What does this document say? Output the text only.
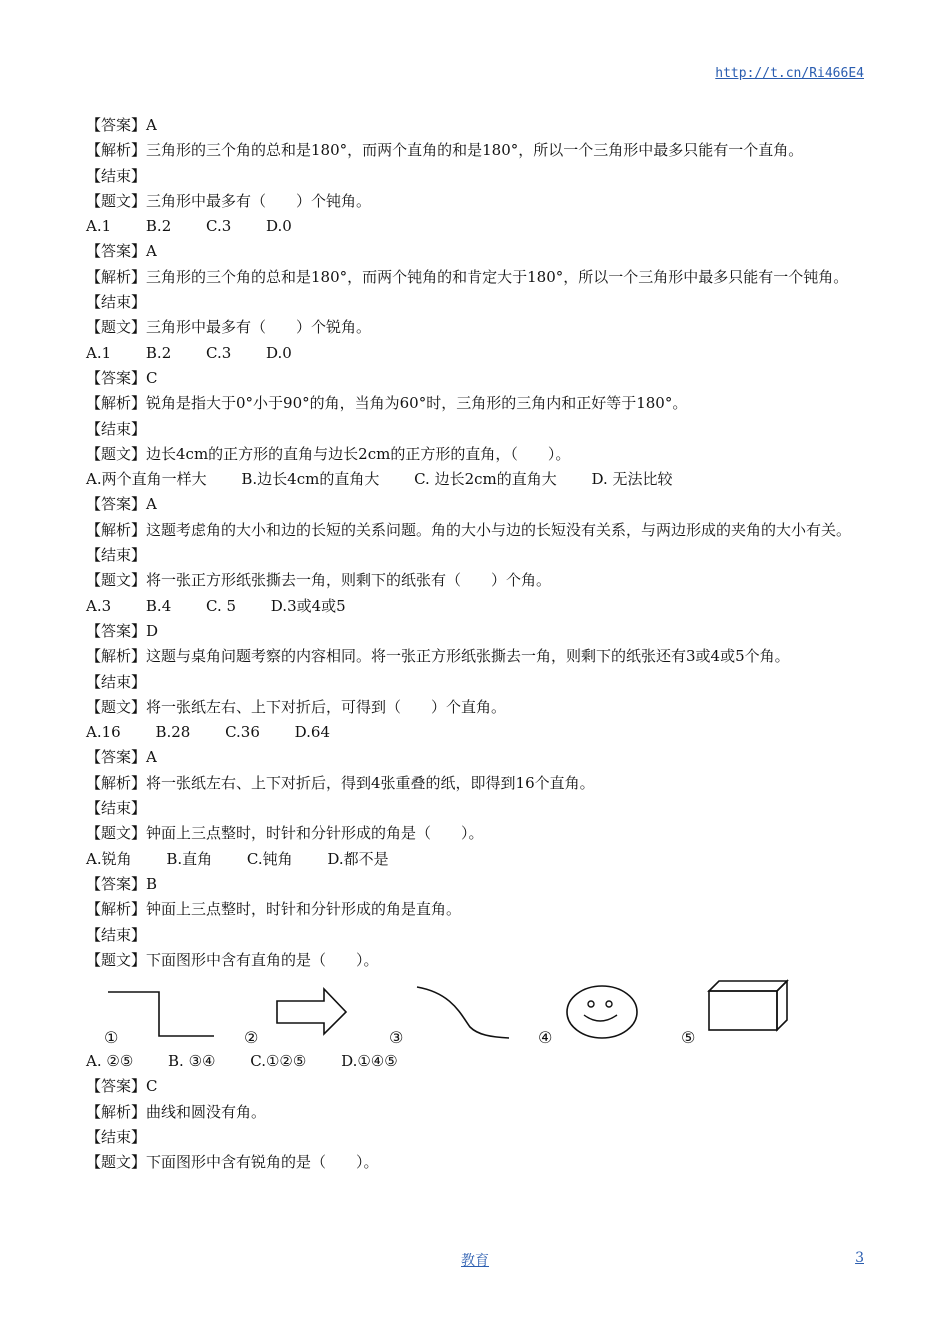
http://t.cn/Ri466E4
【答案】A
【解析】三角形的三个角的总和是180°，而两个直角的和是180°，所以一个三角形中最多只能有一个直角。
【结束】
【题文】三角形中最多有（　　）个钝角。
A.1　　 B.2　　 C.3　　 D.0
【答案】A
【解析】三角形的三个角的总和是180°，而两个钝角的和肯定大于180°，所以一个三角形中最多只能有一个钝角。
【结束】
【题文】三角形中最多有（　　）个锐角。
A.1　　 B.2　　 C.3　　 D.0
【答案】C
【解析】锐角是指大于0°小于90°的角，当角为60°时，三角形的三角内和正好等于180°。
【结束】
【题文】边长4cm的正方形的直角与边长2cm的正方形的直角，（　　）。
A.两个直角一样大　　 B.边长4cm的直角大　　 C. 边长2cm的直角大　　 D. 无法比较
【答案】A
【解析】这题考虑角的大小和边的长短的关系问题。角的大小与边的长短没有关系，与两边形成的夹角的大小有关。
【结束】
【题文】将一张正方形纸张撕去一角，则剩下的纸张有（　　）个角。
A.3　　 B.4　　 C. 5　　 D.3或4或5
【答案】D
【解析】这题与桌角问题考察的内容相同。将一张正方形纸张撕去一角，则剩下的纸张还有3或4或5个角。
【结束】
【题文】将一张纸左右、上下对折后，可得到（　　）个直角。
A.16　　 B.28　　 C.36　　 D.64
【答案】A
【解析】将一张纸左右、上下对折后，得到4张重叠的纸，即得到16个直角。
【结束】
【题文】钟面上三点整时，时针和分针形成的角是（　　）。
A.锐角　　 B.直角　　 C.钝角　　 D.都不是
【答案】B
【解析】钟面上三点整时，时针和分针形成的角是直角。
【结束】
【题文】下面图形中含有直角的是（　　）。
①	②	③	④	⑤
A. ②⑤　　 B. ③④　　 C.①②⑤　　 D.①④⑤
【答案】C
【解析】曲线和圆没有角。
【结束】
【题文】下面图形中含有锐角的是（　　）。
教育	3
